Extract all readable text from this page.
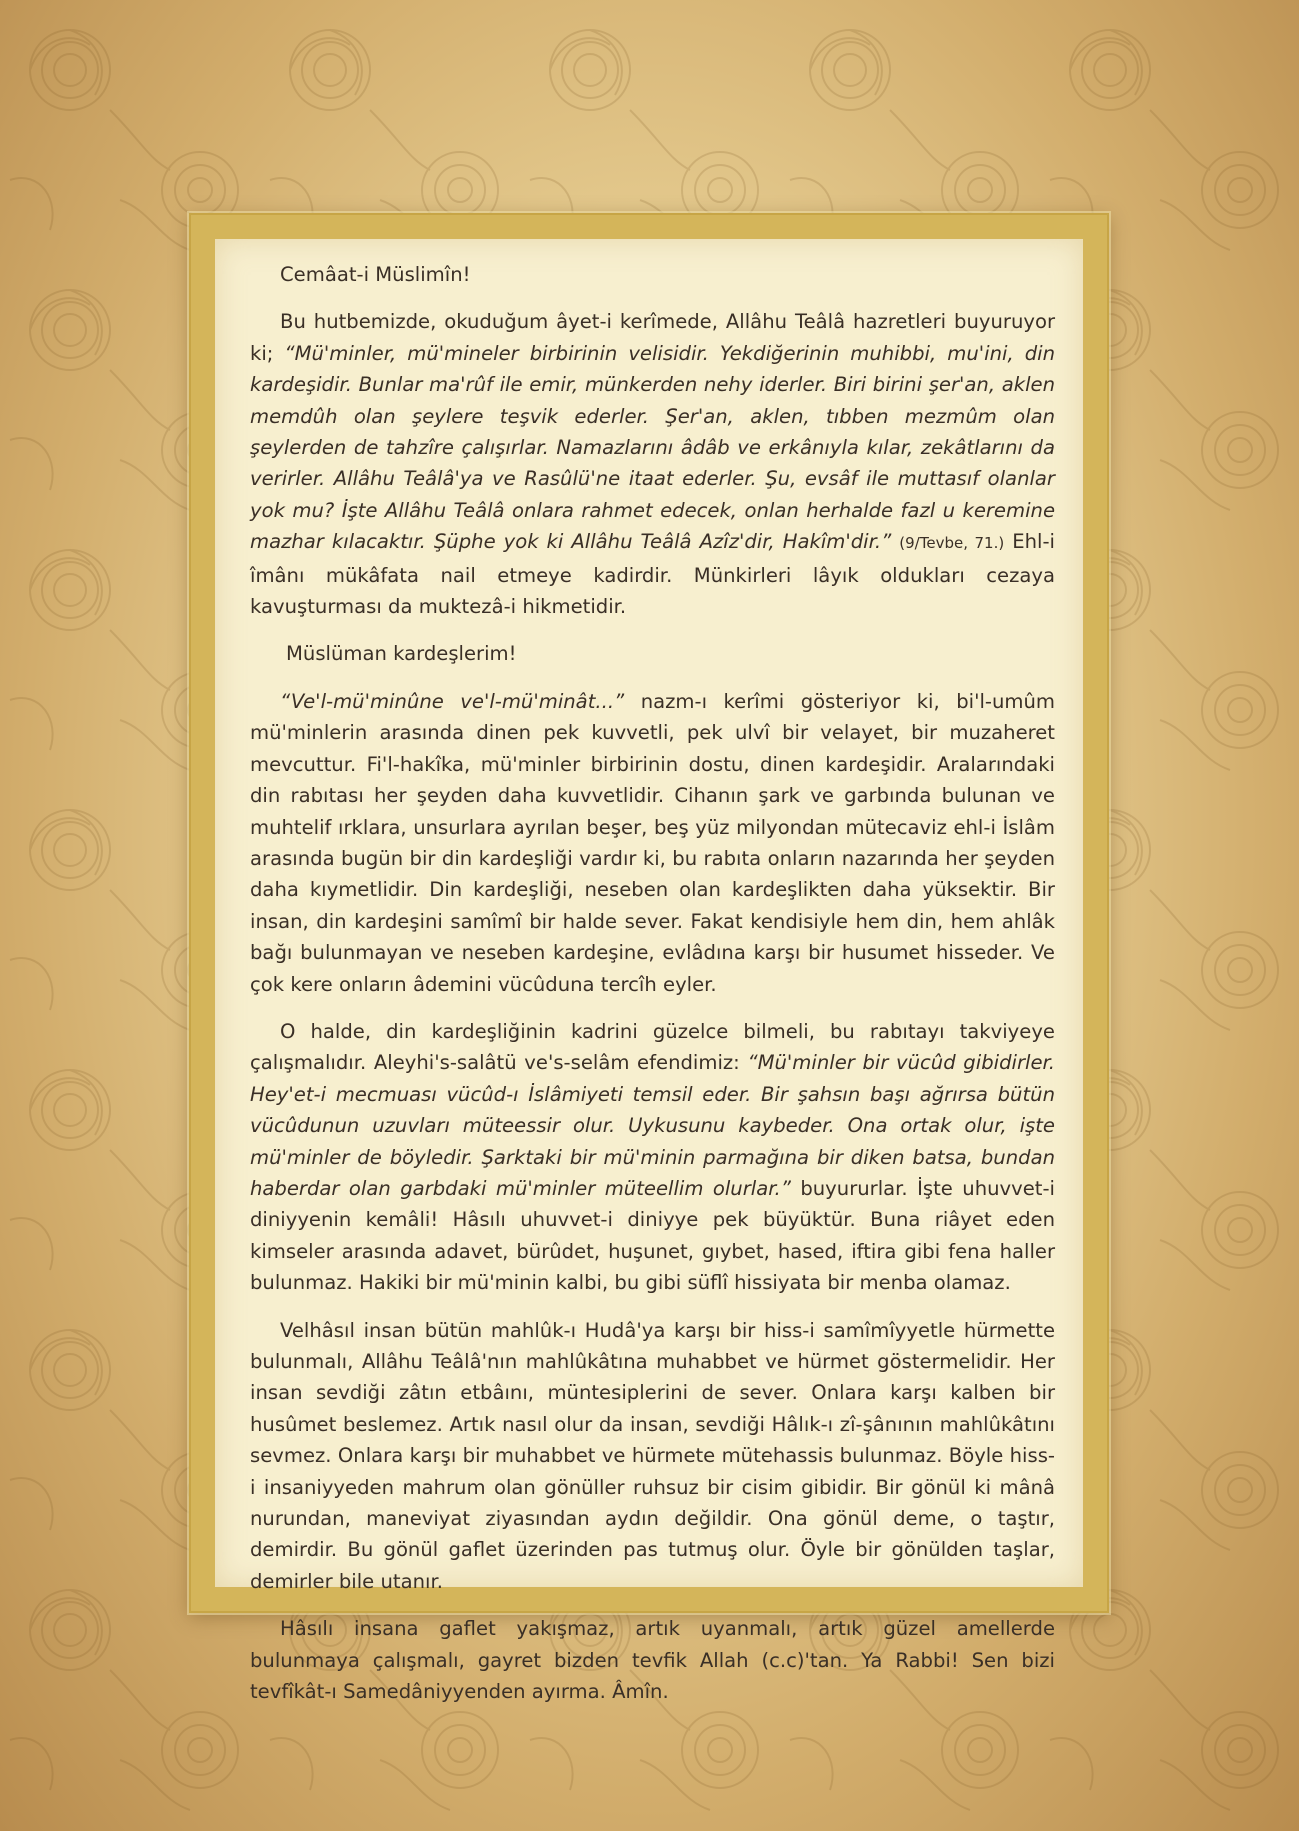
Cemâat-i Müslimîn!

Bu hutbemizde, okuduğum âyet-i kerîmede, Allâhu Teâlâ hazretleri buyuruyor ki; “Mü'minler, mü'mineler birbirinin velisidir. Yekdiğerinin muhibbi, mu'ini, din kardeşidir. Bunlar ma'rûf ile emir, münkerden nehy iderler. Biri birini şer'an, aklen memdûh olan şeylere teşvik ederler. Şer'an, aklen, tıbben mezmûm olan şeylerden de tahzîre çalışırlar. Namazlarını âdâb ve erkânıyla kılar, zekâtlarını da verirler. Allâhu Teâlâ'ya ve Rasûlü'ne itaat ederler. Şu, evsâf ile muttasıf olanlar yok mu? İşte Allâhu Teâlâ onlara rahmet edecek, onlan herhalde fazl u keremine mazhar kılacaktır. Şüphe yok ki Allâhu Teâlâ Azîz'dir, Hakîm'dir.” (9/Tevbe, 71.) Ehl-i îmânı mükâfata nail etmeye kadirdir. Münkirleri lâyık oldukları cezaya kavuşturması da muktezâ-i hikmetidir.

Müslüman kardeşlerim!

“Ve'l-mü'minûne ve'l-mü'minât...” nazm-ı kerîmi gösteriyor ki, bi'l-umûm mü'minlerin arasında dinen pek kuvvetli, pek ulvî bir velayet, bir muzaheret mevcuttur. Fi'l-hakîka, mü'minler birbirinin dostu, dinen kardeşidir. Aralarındaki din rabıtası her şeyden daha kuvvetlidir. Cihanın şark ve garbında bulunan ve muhtelif ırklara, unsurlara ayrılan beşer, beş yüz milyondan mütecaviz ehl-i İslâm arasında bugün bir din kardeşliği vardır ki, bu rabıta onların nazarında her şeyden daha kıymetlidir. Din kardeşliği, neseben olan kardeşlikten daha yüksektir. Bir insan, din kardeşini samîmî bir halde sever. Fakat kendisiyle hem din, hem ahlâk bağı bulunmayan ve neseben kardeşine, evlâdına karşı bir husumet hisseder. Ve çok kere onların âdemini vücûduna tercîh eyler.

O halde, din kardeşliğinin kadrini güzelce bilmeli, bu rabıtayı takviyeye çalışmalıdır. Aleyhi's-salâtü ve's-selâm efendimiz: “Mü'minler bir vücûd gibidirler. Hey'et-i mecmuası vücûd-ı İslâmiyeti temsil eder. Bir şahsın başı ağrırsa bütün vücûdunun uzuvları müteessir olur. Uykusunu kaybeder. Ona ortak olur, işte mü'minler de böyledir. Şarktaki bir mü'minin parmağına bir diken batsa, bundan haberdar olan garbdaki mü'minler müteellim olurlar.” buyururlar. İşte uhuvvet-i diniyyenin kemâli! Hâsılı uhuvvet-i diniyye pek büyüktür. Buna riâyet eden kimseler arasında adavet, bürûdet, huşunet, gıybet, hased, iftira gibi fena haller bulunmaz. Hakiki bir mü'minin kalbi, bu gibi süflî hissiyata bir menba olamaz.

Velhâsıl insan bütün mahlûk-ı Hudâ'ya karşı bir hiss-i samîmîyyetle hürmette bulunmalı, Allâhu Teâlâ'nın mahlûkâtına muhabbet ve hürmet göstermelidir. Her insan sevdiği zâtın etbâını, müntesiplerini de sever. Onlara karşı kalben bir husûmet beslemez. Artık nasıl olur da insan, sevdiği Hâlık-ı zî-şânının mahlûkâtını sevmez. Onlara karşı bir muhabbet ve hürmete mütehassis bulunmaz. Böyle hiss-i insaniyyeden mahrum olan gönüller ruhsuz bir cisim gibidir. Bir gönül ki mânâ nurundan, maneviyat ziyasından aydın değildir. Ona gönül deme, o taştır, demirdir. Bu gönül gaflet üzerinden pas tutmuş olur. Öyle bir gönülden taşlar, demirler bile utanır.

Hâsılı insana gaflet yakışmaz, artık uyanmalı, artık güzel amellerde bulunmaya çalışmalı, gayret bizden tevfik Allah (c.c)'tan. Ya Rabbi! Sen bizi tevfîkât-ı Samedâniyyenden ayırma. Âmîn.
